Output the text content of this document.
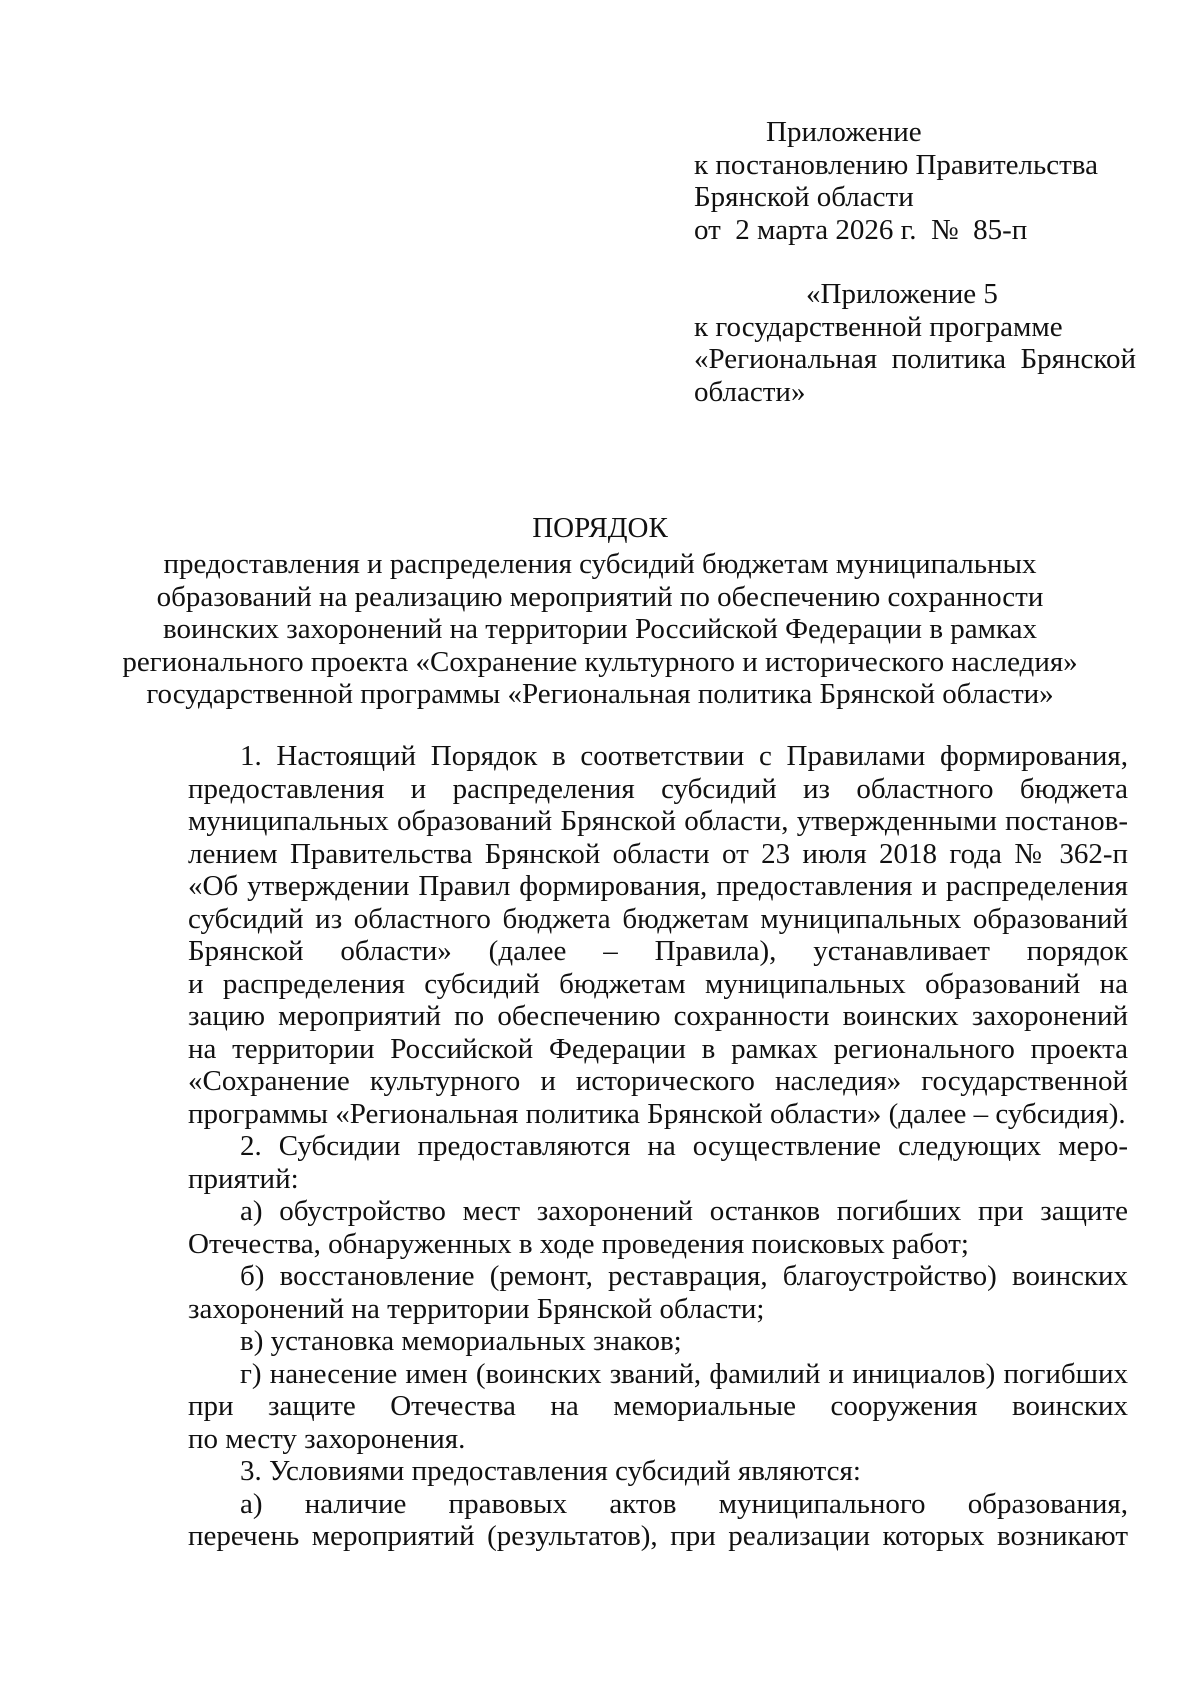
Приложение
к постановлению Правительства
Брянской области
от  2 марта 2026 г.  №  85-п
«Приложение 5
к государственной программе
«Региональная  политика  Брянской
области»
ПОРЯДОК
предоставления и распределения субсидий бюджетам муниципальных
образований на реализацию мероприятий по обеспечению сохранности
воинских захоронений на территории Российской Федерации в рамках
регионального проекта «Сохранение культурного и исторического наследия»
государственной программы «Региональная политика Брянской области»
1. Настоящий Порядок в соответствии с Правилами формирования,
предоставления и распределения субсидий из областного бюджета
муниципальных образований Брянской области, утвержденными постанов-
лением Правительства Брянской области от 23 июля 2018 года № 362-п
«Об утверждении Правил формирования, предоставления и распределения
субсидий из областного бюджета бюджетам муниципальных образований
Брянской области» (далее – Правила), устанавливает порядок
и распределения субсидий бюджетам муниципальных образований на
зацию мероприятий по обеспечению сохранности воинских захоронений
на территории Российской Федерации в рамках регионального проекта
«Сохранение культурного и исторического наследия» государственной
программы «Региональная политика Брянской области» (далее – субсидия).
2. Субсидии предоставляются на осуществление следующих меро-
приятий:
а) обустройство мест захоронений останков погибших при защите
Отечества, обнаруженных в ходе проведения поисковых работ;
б) восстановление (ремонт, реставрация, благоустройство) воинских
захоронений на территории Брянской области;
в) установка мемориальных знаков;
г) нанесение имен (воинских званий, фамилий и инициалов) погибших
при защите Отечества на мемориальные сооружения воинских
по месту захоронения.
3. Условиями предоставления субсидий являются:
а) наличие правовых актов муниципального образования,
перечень мероприятий (результатов), при реализации которых возникают
